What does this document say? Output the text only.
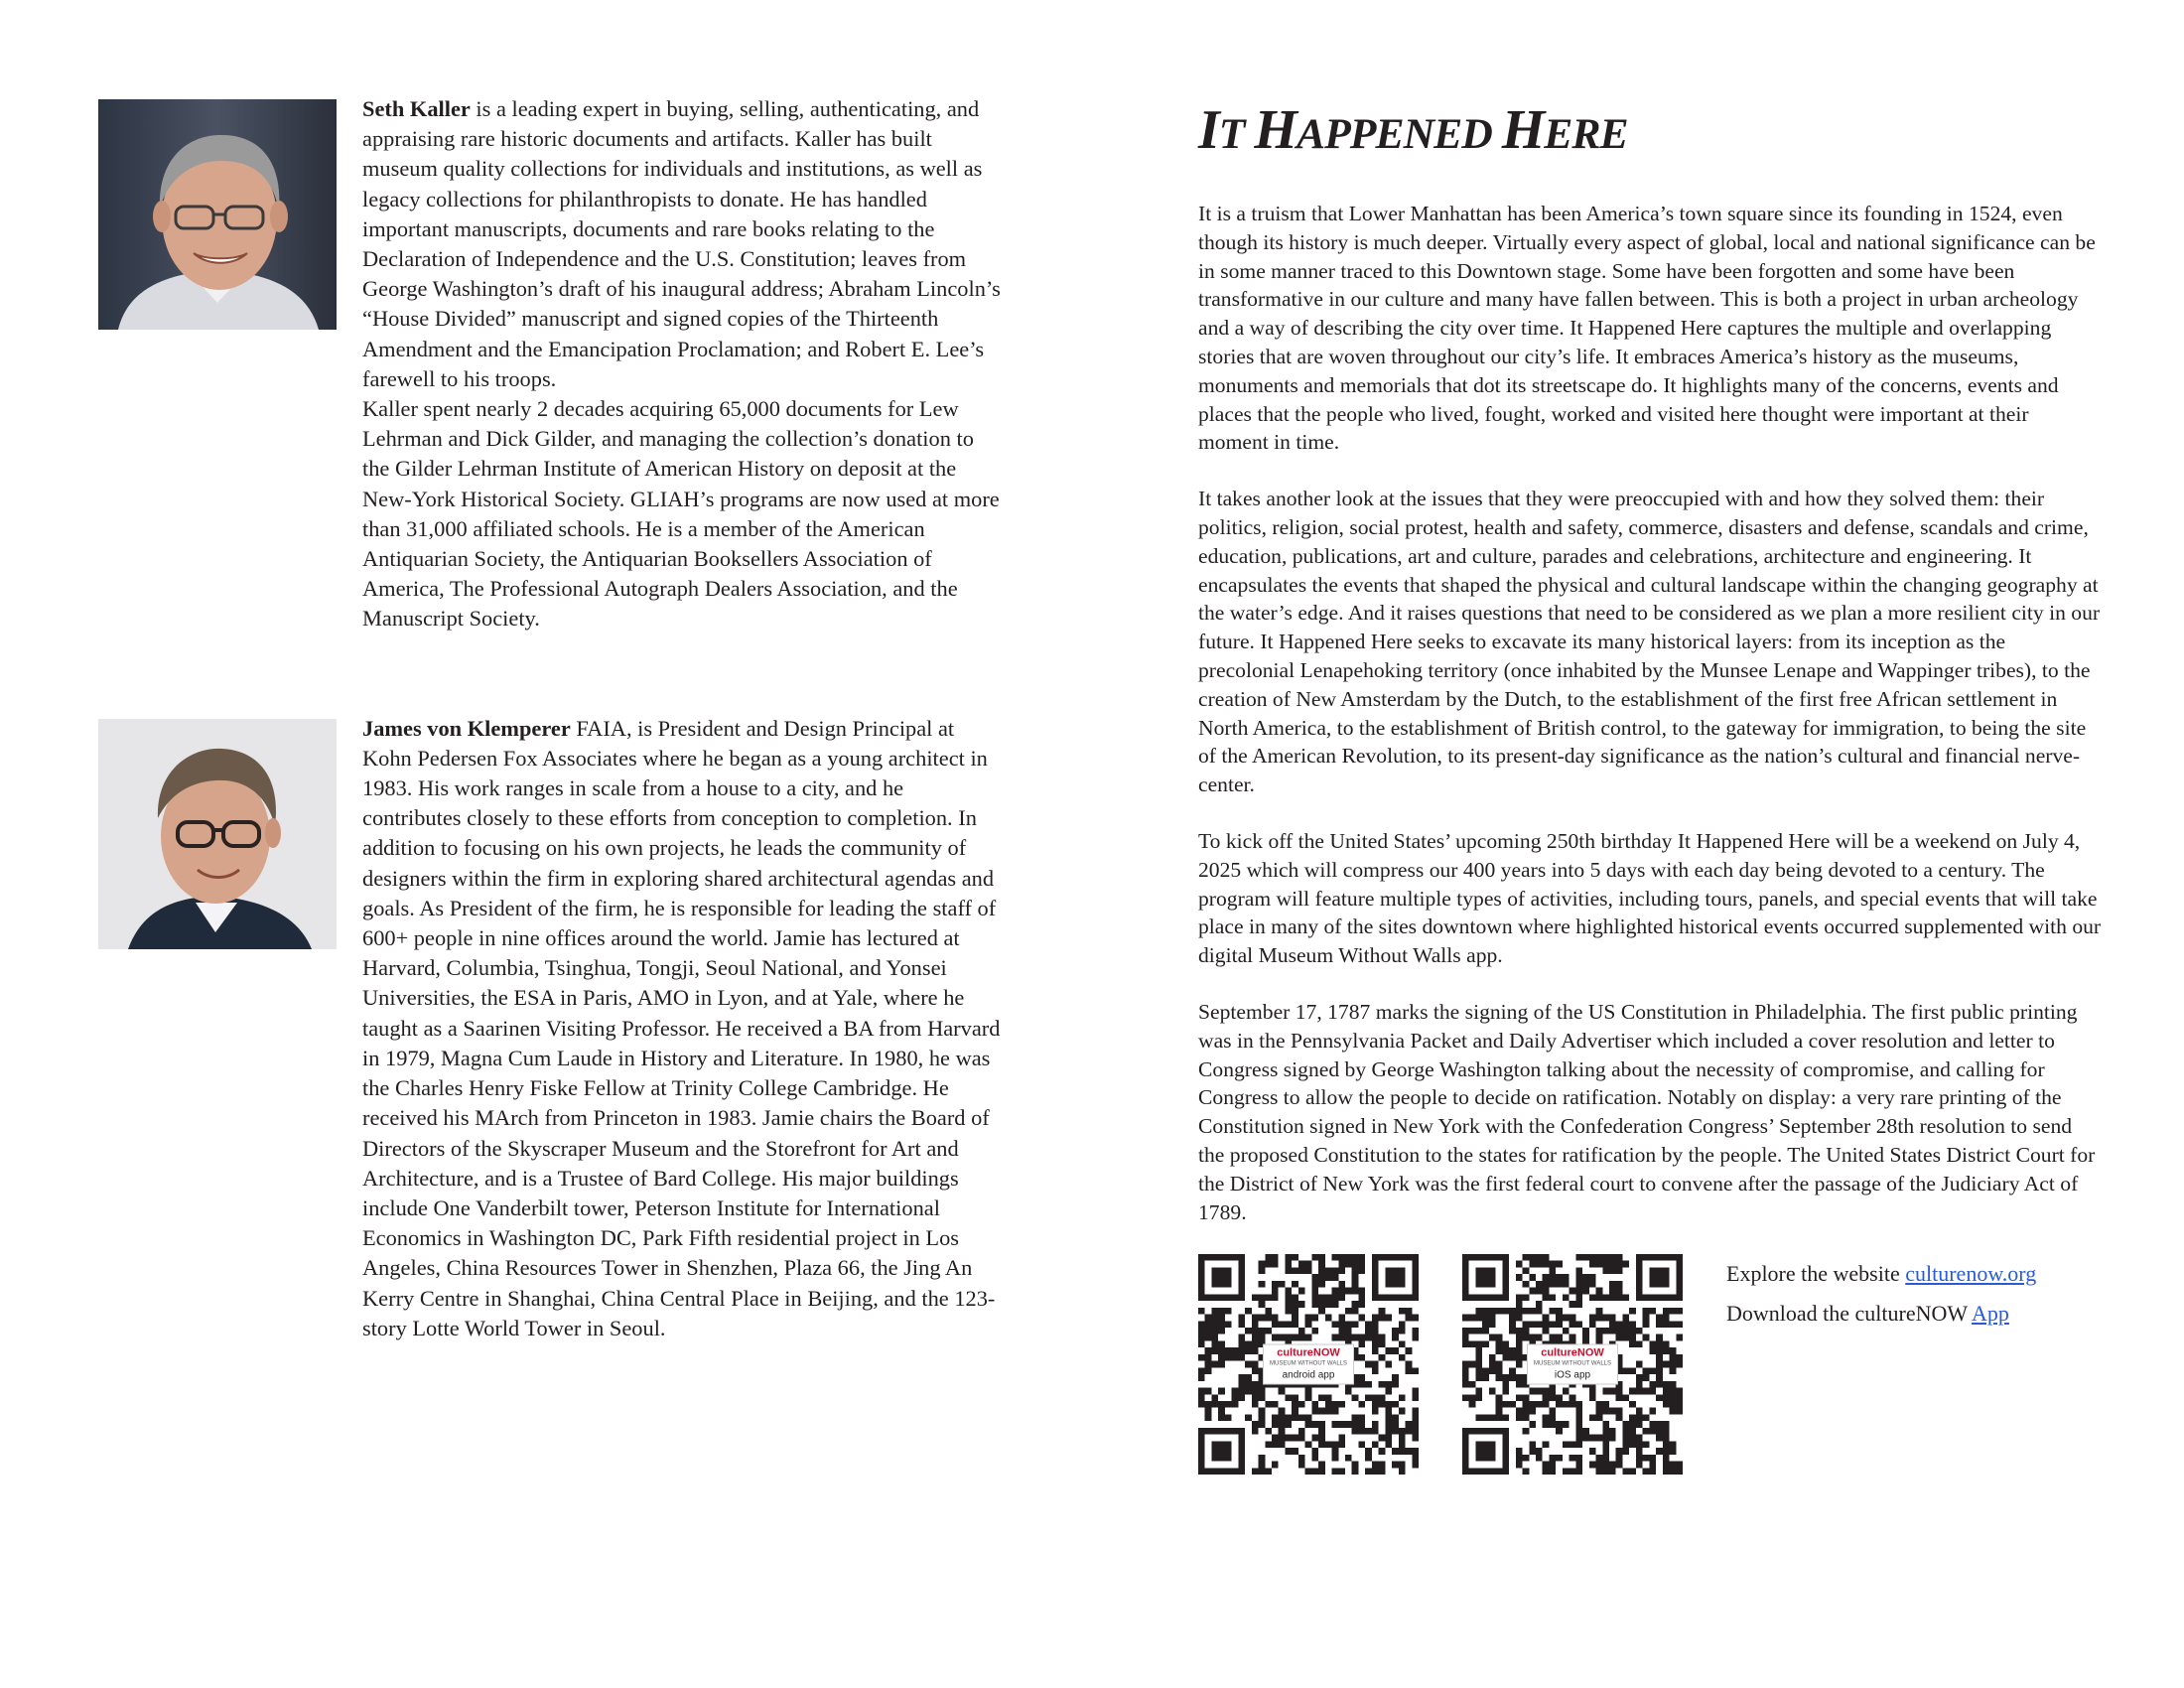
Seth Kaller is a leading expert in buying, selling, authenticating, and appraising rare historic documents and artifacts. Kaller has built museum quality collections for individuals and institutions, as well as legacy collections for philanthropists to donate. He has handled important manuscripts, documents and rare books relating to the Declaration of Independence and the U.S. Constitution; leaves from George Washington’s draft of his inaugural address; Abraham Lincoln’s “House Divided” manuscript and signed copies of the Thirteenth Amendment and the Emancipation Proclamation; and Robert E. Lee’s farewell to his troops.

Kaller spent nearly 2 decades acquiring 65,000 documents for Lew Lehrman and Dick Gilder, and managing the collection’s donation to the Gilder Lehrman Institute of American History on deposit at the New-York Historical Society. GLIAH’s programs are now used at more than 31,000 affiliated schools. He is a member of the American Antiquarian Society, the Antiquarian Booksellers Association of America, The Professional Autograph Dealers Association, and the Manuscript Society.

James von Klemperer FAIA, is President and Design Principal at Kohn Pedersen Fox Associates where he began as a young architect in 1983. His work ranges in scale from a house to a city, and he contributes closely to these efforts from conception to completion. In addition to focusing on his own projects, he leads the community of designers within the firm in exploring shared architectural agendas and goals. As President of the firm, he is responsible for leading the staff of 600+ people in nine offices around the world. Jamie has lectured at Harvard, Columbia, Tsinghua, Tongji, Seoul National, and Yonsei Universities, the ESA in Paris, AMO in Lyon, and at Yale, where he taught as a Saarinen Visiting Professor. He received a BA from Harvard in 1979, Magna Cum Laude in History and Literature. In 1980, he was the Charles Henry Fiske Fellow at Trinity College Cambridge. He received his MArch from Princeton in 1983. Jamie chairs the Board of Directors of the Skyscraper Museum and the Storefront for Art and Architecture, and is a Trustee of Bard College. His major buildings include One Vanderbilt tower, Peterson Institute for International Economics in Washington DC, Park Fifth residential project in Los Angeles, China Resources Tower in Shenzhen, Plaza 66, the Jing An Kerry Centre in Shanghai, China Central Place in Beijing, and the 123-story Lotte World Tower in Seoul.

IT HAPPENED HERE

It is a truism that Lower Manhattan has been America’s town square since its founding in 1524, even though its history is much deeper. Virtually every aspect of global, local and national significance can be in some manner traced to this Downtown stage. Some have been forgotten and some have been transformative in our culture and many have fallen between. This is both a project in urban archeology and a way of describing the city over time. It Happened Here captures the multiple and overlapping stories that are woven throughout our city’s life. It embraces America’s history as the museums, monuments and memorials that dot its streetscape do. It highlights many of the concerns, events and places that the people who lived, fought, worked and visited here thought were important at their moment in time.

It takes another look at the issues that they were preoccupied with and how they solved them: their politics, religion, social protest, health and safety, commerce, disasters and defense, scandals and crime, education, publications, art and culture, parades and celebrations, architecture and engineering. It encapsulates the events that shaped the physical and cultural landscape within the changing geography at the water’s edge. And it raises questions that need to be considered as we plan a more resilient city in our future. It Happened Here seeks to excavate its many historical layers: from its inception as the precolonial Lenapehoking territory (once inhabited by the Munsee Lenape and Wappinger tribes), to the creation of New Amsterdam by the Dutch, to the establishment of the first free African settlement in North America, to the establishment of British control, to the gateway for immigration, to being the site of the American Revolution, to its present-day significance as the nation’s cultural and financial nerve-center.

To kick off the United States’ upcoming 250th birthday It Happened Here will be a weekend on July 4, 2025 which will compress our 400 years into 5 days with each day being devoted to a century. The program will feature multiple types of activities, including tours, panels, and special events that will take place in many of the sites downtown where highlighted historical events occurred supplemented with our digital Museum Without Walls app.

September 17, 1787 marks the signing of the US Constitution in Philadelphia. The first public printing was in the Pennsylvania Packet and Daily Advertiser which included a cover resolution and letter to Congress signed by George Washington talking about the necessity of compromise, and calling for Congress to allow the people to decide on ratification. Notably on display: a very rare printing of the Constitution signed in New York with the Confederation Congress’ September 28th resolution to send the proposed Constitution to the states for ratification by the people. The United States District Court for the District of New York was the first federal court to convene after the passage of the Judiciary Act of 1789.

cultureNOW
MUSEUM WITHOUT WALLS
android app
cultureNOW
MUSEUM WITHOUT WALLS
iOS app
Explore the website culturenow.org
Download the cultureNOW App
